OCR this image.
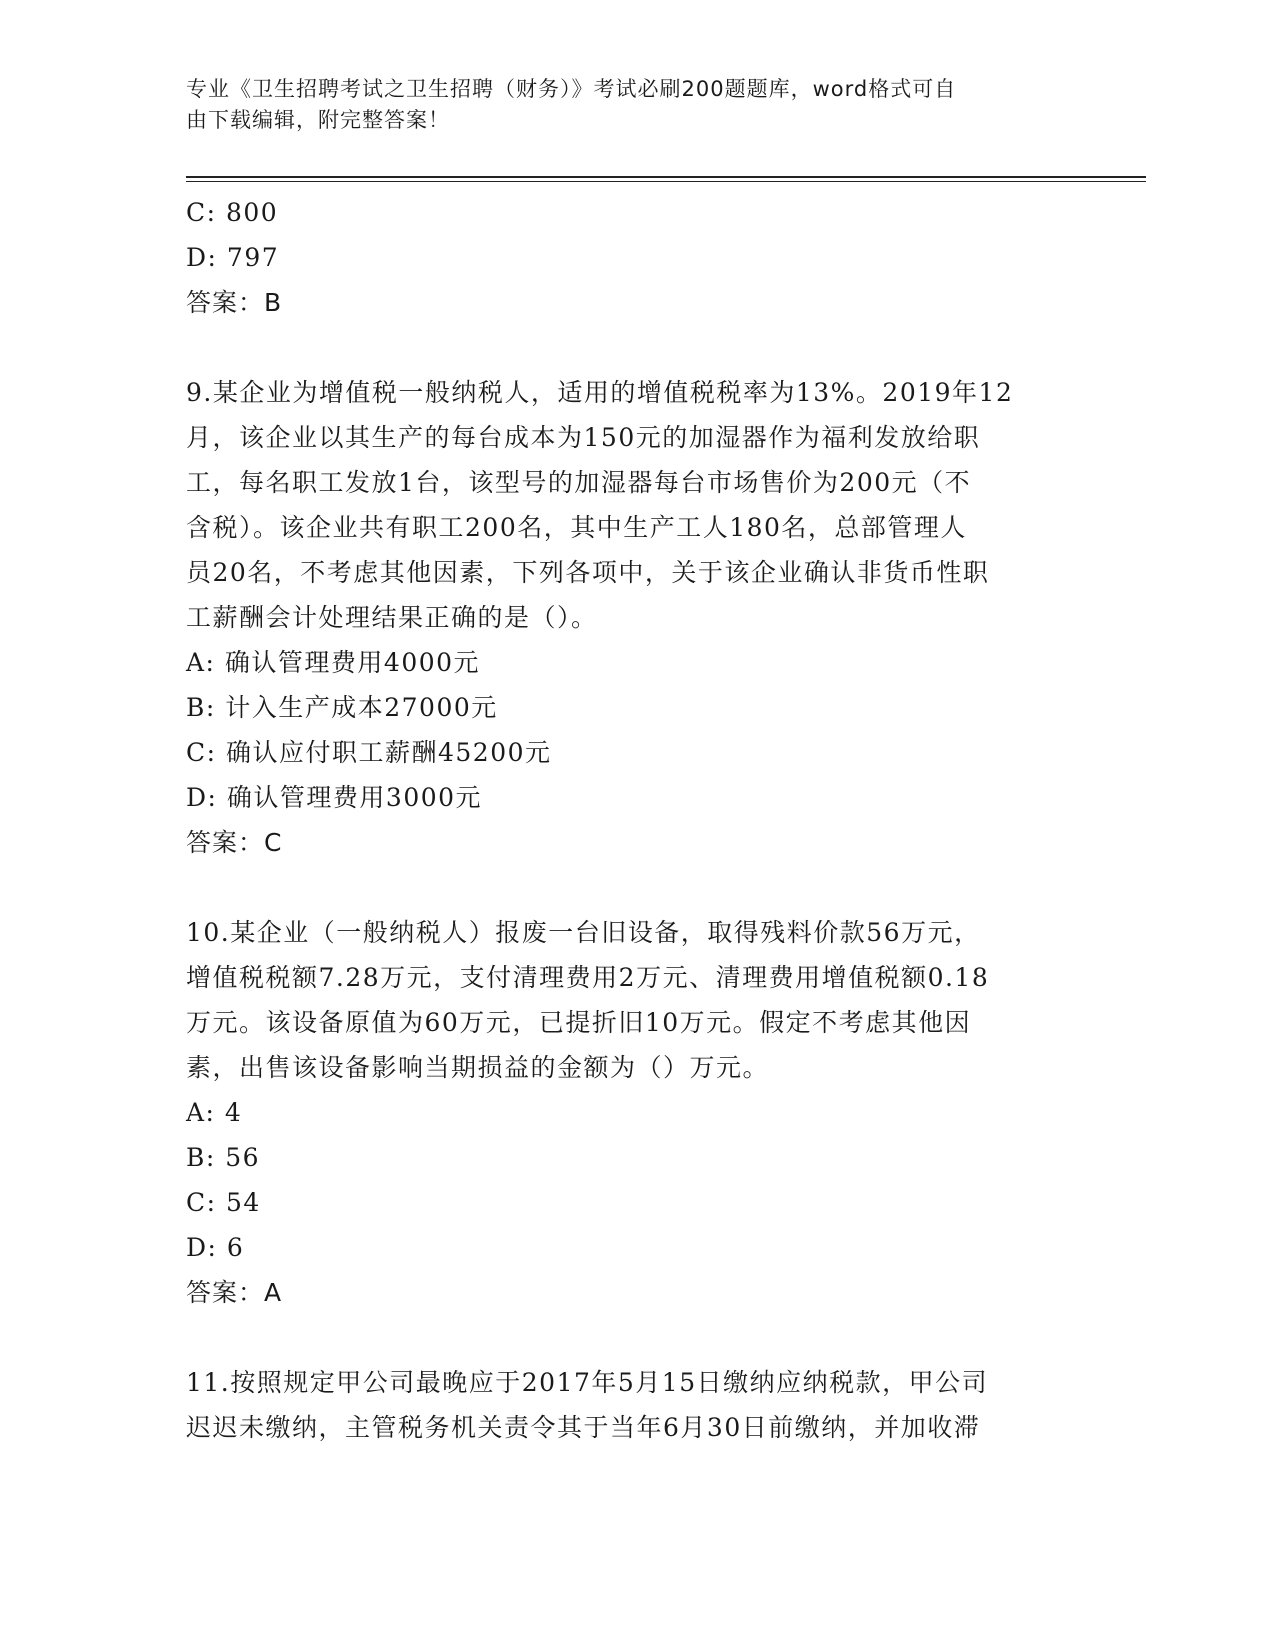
专业《卫生招聘考试之卫生招聘（财务）》考试必刷200题题库，word格式可自
由下载编辑，附完整答案！
C: 800
D: 797
答案：B
9.某企业为增值税一般纳税人，适用的增值税税率为13%。2019年12
月，该企业以其生产的每台成本为150元的加湿器作为福利发放给职
工，每名职工发放1台，该型号的加湿器每台市场售价为200元（不
含税）。该企业共有职工200名，其中生产工人180名，总部管理人
员20名，不考虑其他因素，下列各项中，关于该企业确认非货币性职
工薪酬会计处理结果正确的是（）。
A: 确认管理费用4000元
B: 计入生产成本27000元
C: 确认应付职工薪酬45200元
D: 确认管理费用3000元
答案：C
10.某企业（一般纳税人）报废一台旧设备，取得残料价款56万元，
增值税税额7.28万元，支付清理费用2万元、清理费用增值税额0.18
万元。该设备原值为60万元，已提折旧10万元。假定不考虑其他因
素，出售该设备影响当期损益的金额为（）万元。
A: 4
B: 56
C: 54
D: 6
答案：A
11.按照规定甲公司最晚应于2017年5月15日缴纳应纳税款，甲公司
迟迟未缴纳，主管税务机关责令其于当年6月30日前缴纳，并加收滞
